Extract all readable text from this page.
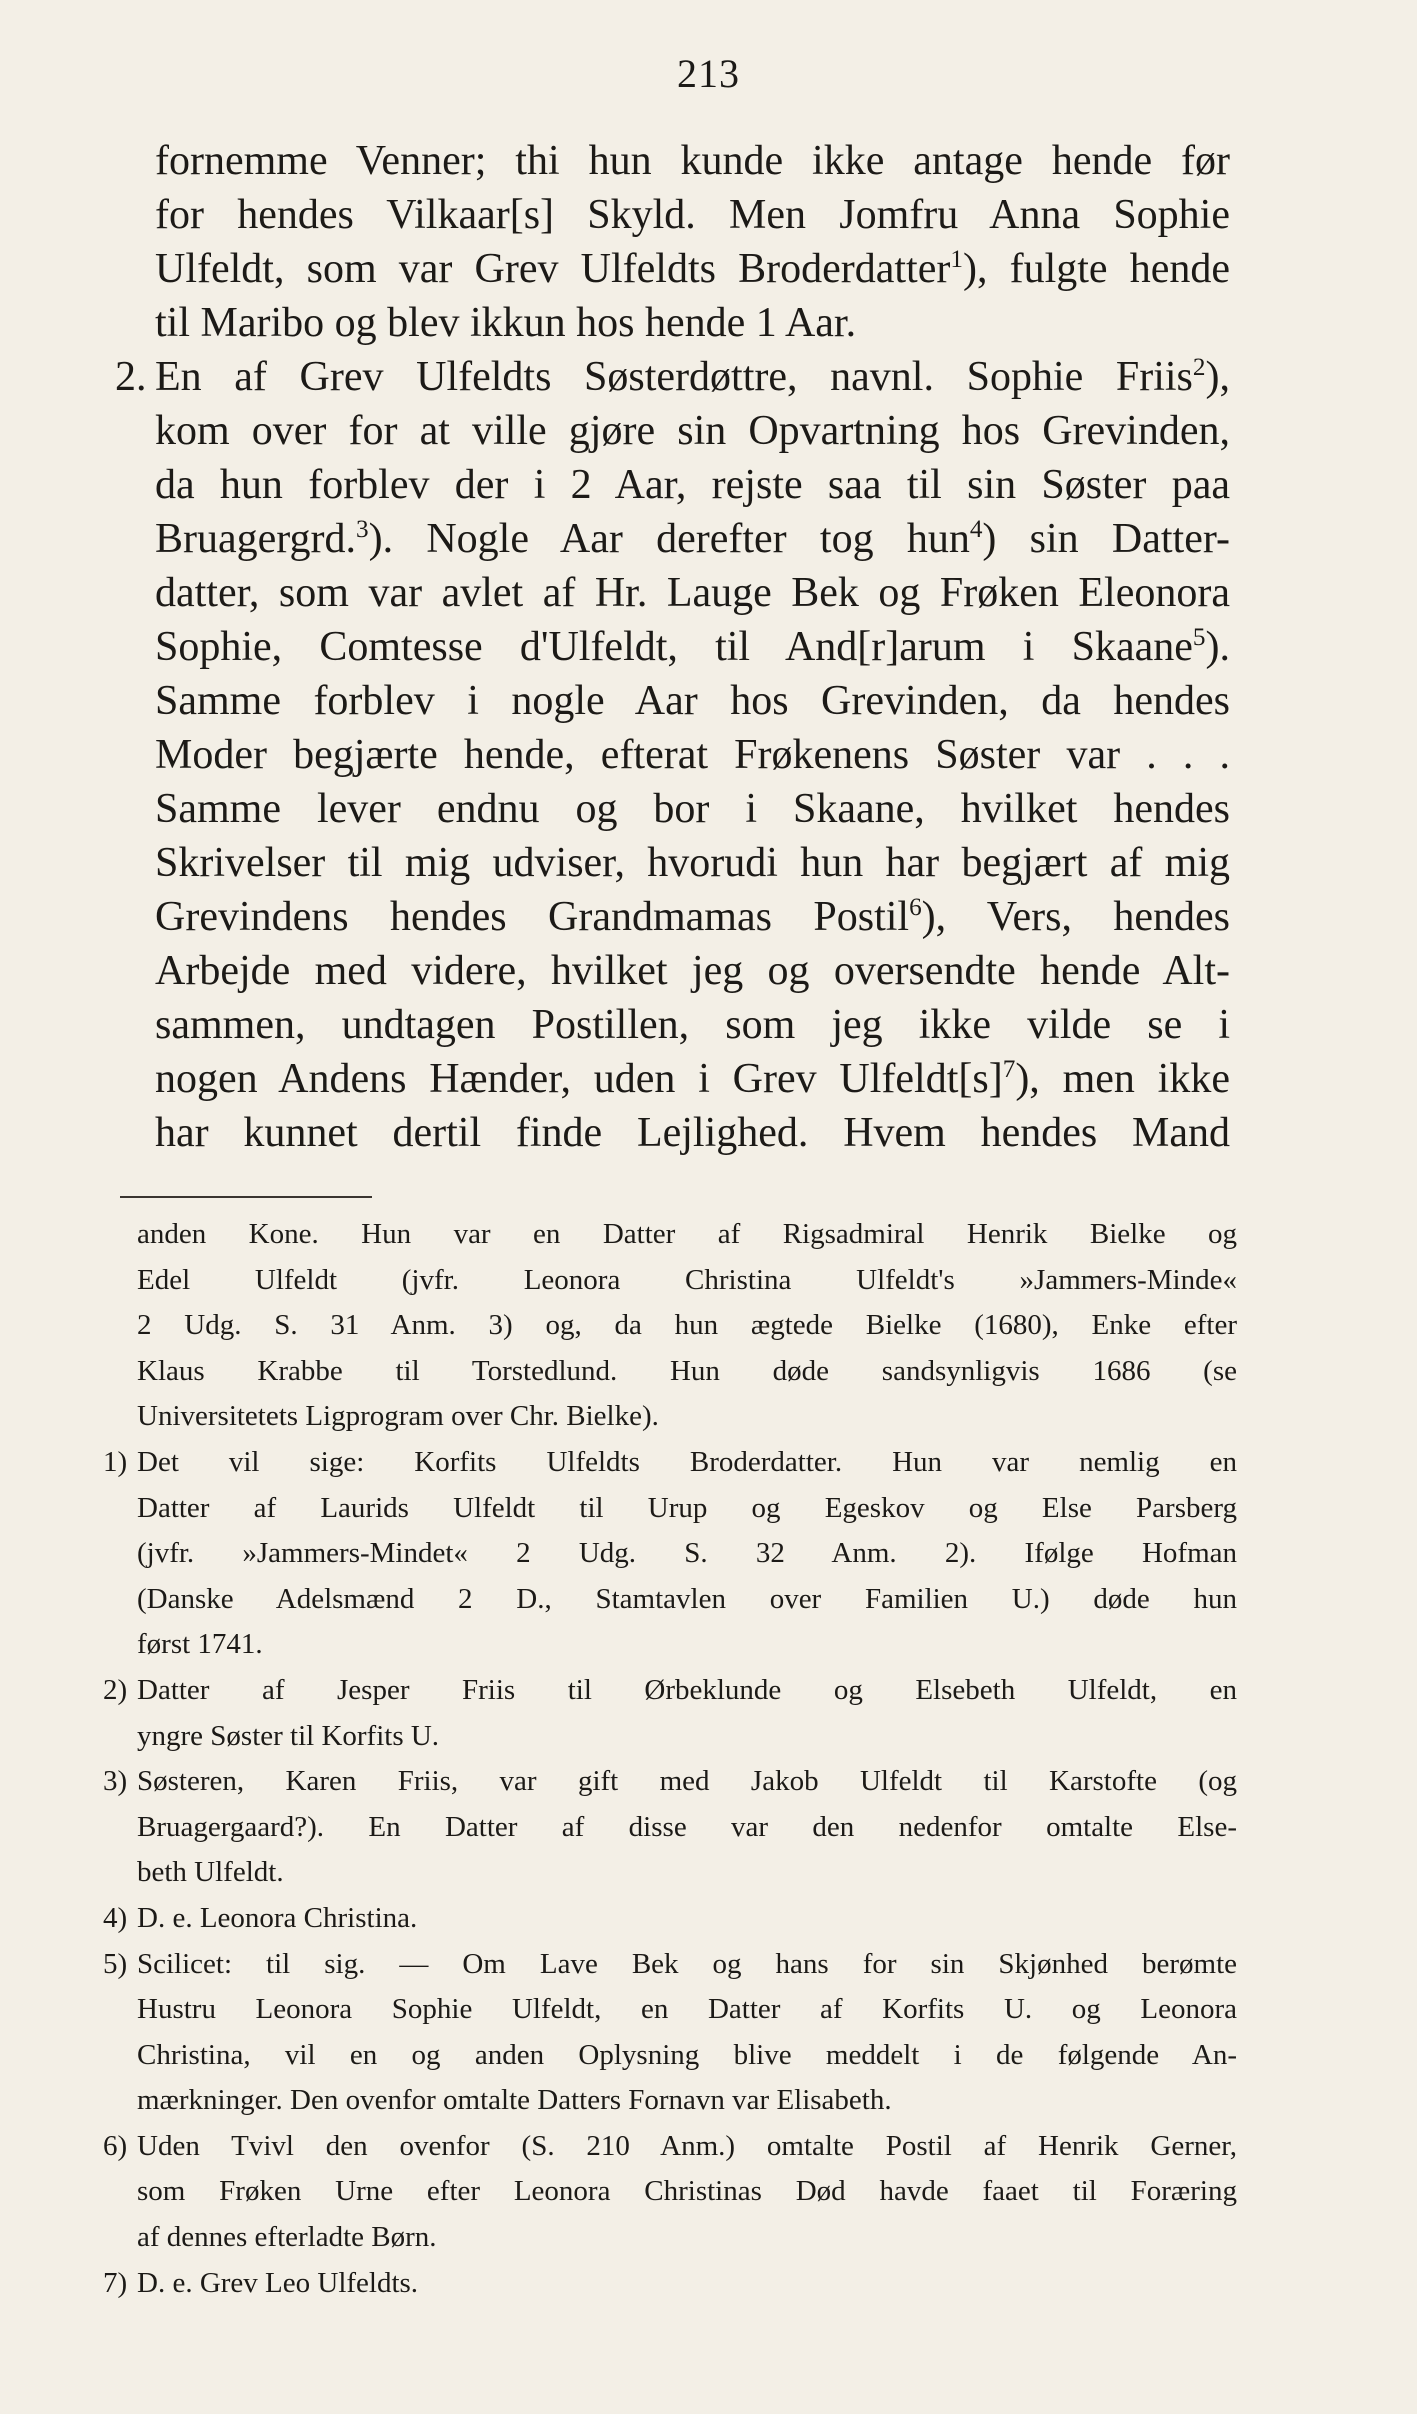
213
fornemme Venner; thi hun kunde ikke antage hende før
for hendes Vilkaar[s] Skyld. Men Jomfru Anna Sophie
Ulfeldt, som var Grev Ulfeldts Broderdatter$^1$), fulgte hende
til Maribo og blev ikkun hos hende 1 Aar.
2. En af Grev Ulfeldts Søsterdøttre, navnl. Sophie Friis$^2$),
kom over for at ville gjøre sin Opvartning hos Grevinden,
da hun forblev der i 2 Aar, rejste saa til sin Søster paa
Bruagergrd.$^3$). Nogle Aar derefter tog hun$^4$) sin Datter-
datter, som var avlet af Hr. Lauge Bek og Frøken Eleonora
Sophie, Comtesse d'Ulfeldt, til And[r]arum i Skaane$^5$).
Samme forblev i nogle Aar hos Grevinden, da hendes
Moder begjærte hende, efterat Frøkenens Søster var . . .
Samme lever endnu og bor i Skaane, hvilket hendes
Skrivelser til mig udviser, hvorudi hun har begjært af mig
Grevindens hendes Grandmamas Postil$^6$), Vers, hendes
Arbejde med videre, hvilket jeg og oversendte hende Alt-
sammen, undtagen Postillen, som jeg ikke vilde se i
nogen Andens Hænder, uden i Grev $Ulfeldt[s]^7$), men ikke
har kunnet dertil finde Lejlighed. Hvem hendes Mand
anden Kone. Hun var en Datter af Rigsadmiral Henrik Bielke og
Edel Ulfeldt (jvfr. Leonora Christina Ulfeldt's »Jammers-Minde«
2 Udg. S. 31 Anm. 3) og, da hun ægtede Bielke (1680), Enke efter
Klaus Krabbe til Torstedlund. Hun døde sandsynligvis 1686 (se
Universitetets Ligprogram over Chr. Bielke).
1) Det vil sige: Korfits Ulfeldts Broderdatter. Hun var nemlig en
Datter af Laurids Ulfeldt til Urup og Egeskov og Else Parsberg
(jvfr. »Jammers-Mindet« 2 Udg. S. 32 Anm. 2). Ifølge Hofman
(Danske Adelsmænd 2 D., Stamtavlen over Familien U.) døde hun
først 1741.
2) Datter af Jesper Friis til Ørbeklunde og Elsebeth Ulfeldt, en
yngre Søster til Korfits U.
3) Søsteren, Karen Friis, var gift med Jakob Ulfeldt til Karstofte (og
Bruagergaard?). En Datter af disse var den nedenfor omtalte Else-
beth Ulfeldt.
4) D. e. Leonora Christina.
5) Scilicet: til sig. — Om Lave Bek og hans for sin Skjønhed berømte
Hustru Leonora Sophie Ulfeldt, en Datter af Korfits U. og Leonora
Christina, vil en og anden Oplysning blive meddelt i de følgende An-
mærkninger. Den ovenfor omtalte Datters Fornavn var Elisabeth.
6) Uden Tvivl den ovenfor (S. 210 Anm.) omtalte Postil af Henrik Gerner,
som Frøken Urne efter Leonora Christinas Død havde faaet til Foræring
af dennes efterladte Børn.
7) D. e. Grev Leo Ulfeldts.
